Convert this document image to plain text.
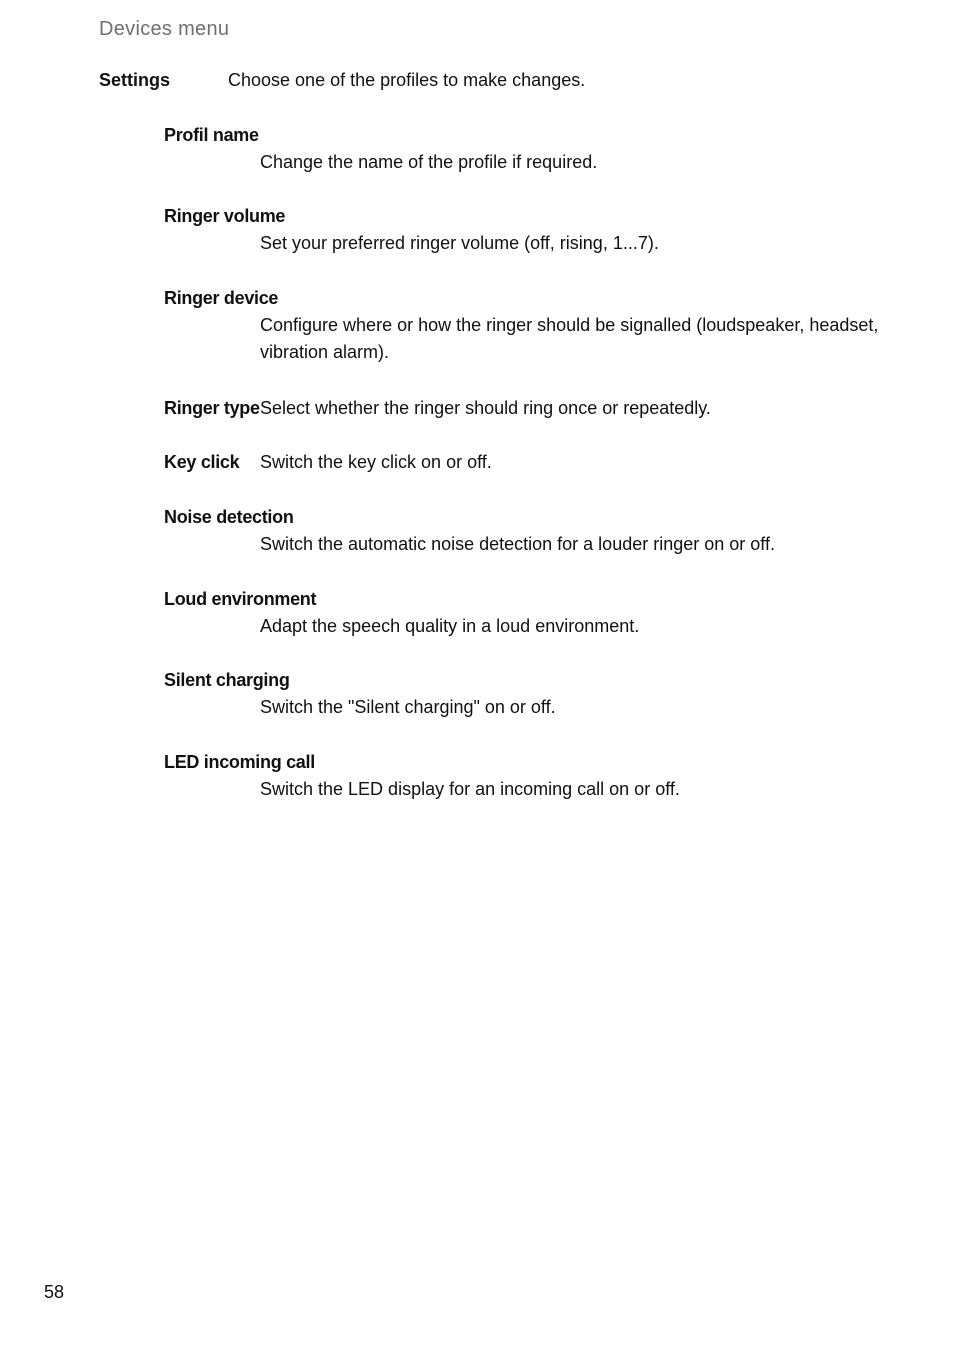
Devices menu
Settings	Choose one of the profiles to make changes.
Profil name
Change the name of the profile if required.
Ringer volume
Set your preferred ringer volume (off, rising, 1...7).
Ringer device
Configure where or how the ringer should be signalled (loudspeaker, headset, vibration alarm).
Ringer type Select whether the ringer should ring once or repeatedly.
Key click Switch the key click on or off.
Noise detection
Switch the automatic noise detection for a louder ringer on or off.
Loud environment
Adapt the speech quality in a loud environment.
Silent charging
Switch the "Silent charging" on or off.
LED incoming call
Switch the LED display for an incoming call on or off.
58
